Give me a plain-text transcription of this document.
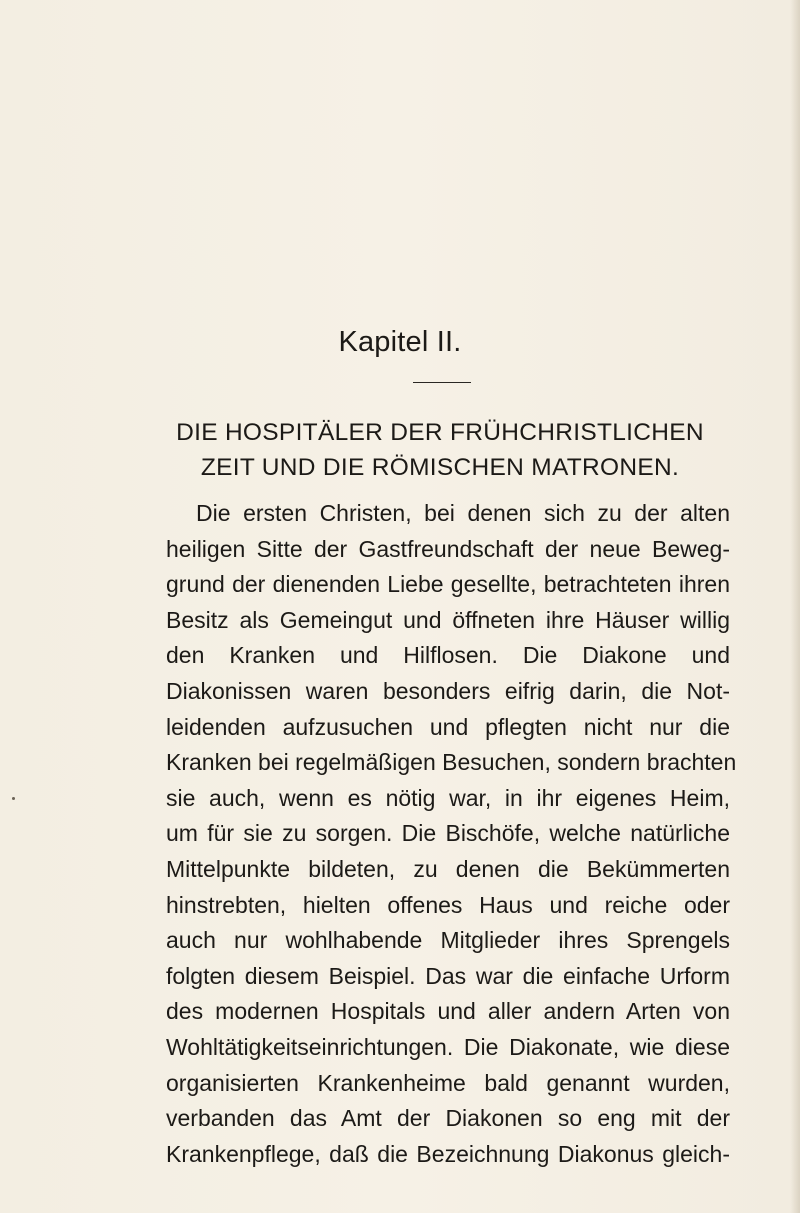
Kapitel II.
DIE HOSPITÄLER DER FRÜHCHRISTLICHEN
ZEIT UND DIE RÖMISCHEN MATRONEN.
Die ersten Christen, bei denen sich zu der alten
heiligen Sitte der Gastfreundschaft der neue Beweg-
grund der dienenden Liebe gesellte, betrachteten ihren
Besitz als Gemeingut und öffneten ihre Häuser willig
den Kranken und Hilflosen. Die Diakone und
Diakonissen waren besonders eifrig darin, die Not-
leidenden aufzusuchen und pflegten nicht nur die
Kranken bei regelmäßigen Besuchen, sondern brachten
sie auch, wenn es nötig war, in ihr eigenes Heim,
um für sie zu sorgen. Die Bischöfe, welche natürliche
Mittelpunkte bildeten, zu denen die Bekümmerten
hinstrebten, hielten offenes Haus und reiche oder
auch nur wohlhabende Mitglieder ihres Sprengels
folgten diesem Beispiel. Das war die einfache Urform
des modernen Hospitals und aller andern Arten von
Wohltätigkeitseinrichtungen. Die Diakonate, wie diese
organisierten Krankenheime bald genannt wurden,
verbanden das Amt der Diakonen so eng mit der
Krankenpflege, daß die Bezeichnung Diakonus gleich-
